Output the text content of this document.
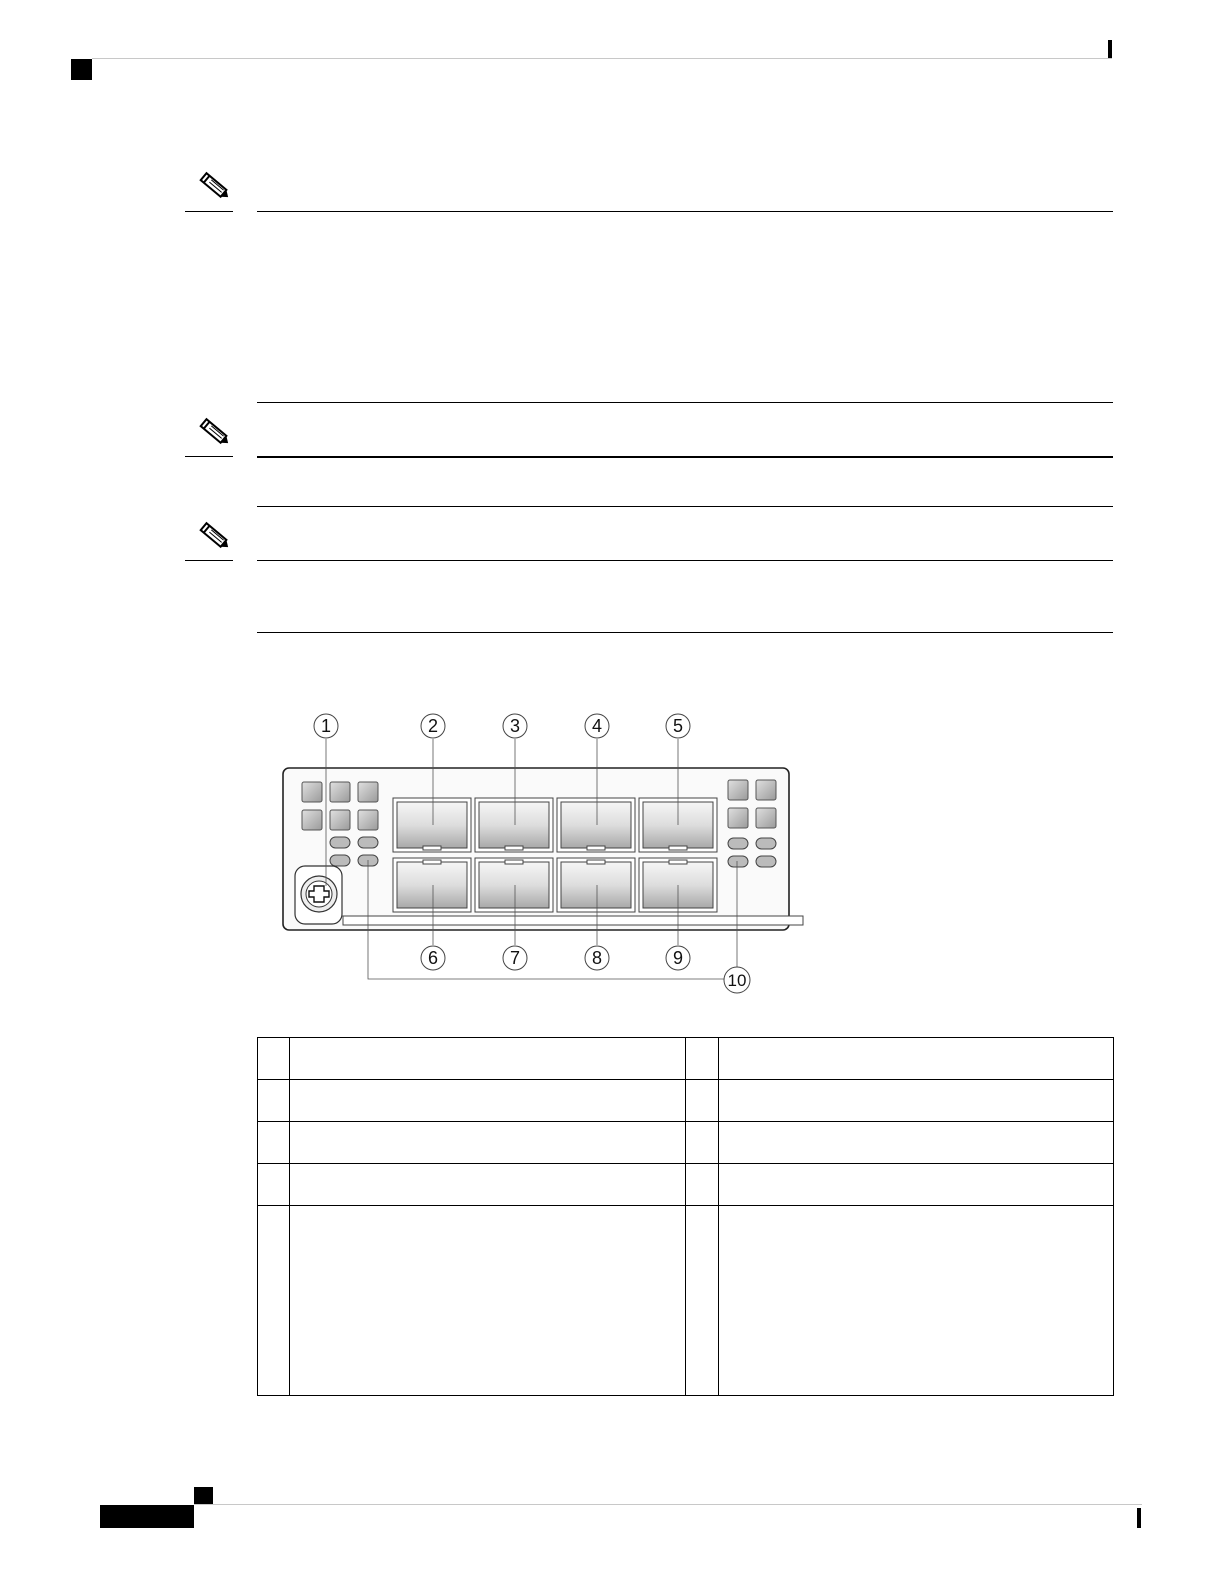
1	2	3	4	5
6	7	8	9
10
